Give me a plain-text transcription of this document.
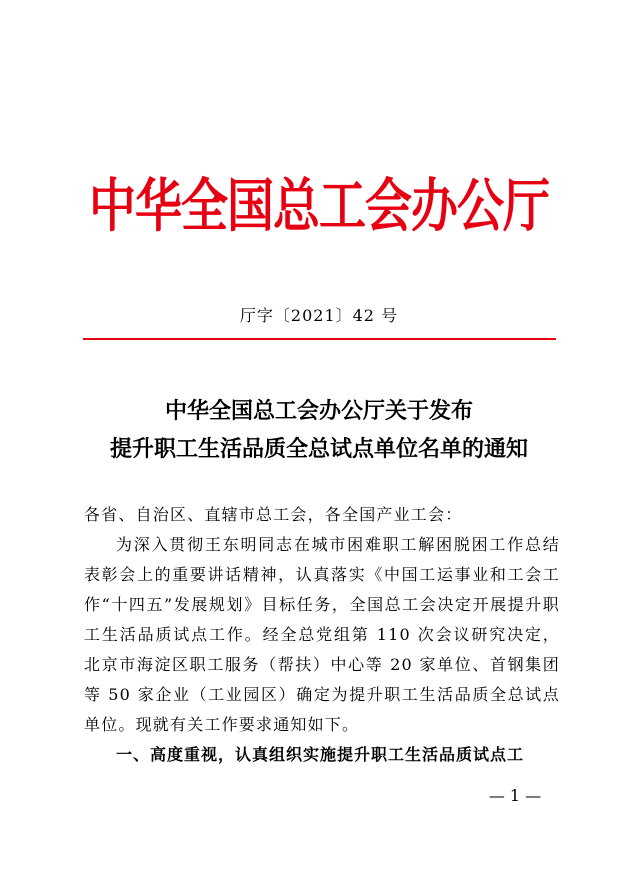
中华全国总工会办公厅
厅字〔2021〕42 号
中华全国总工会办公厅关于发布
提升职工生活品质全总试点单位名单的通知
各省、自治区、直辖市总工会，各全国产业工会：
为深入贯彻王东明同志在城市困难职工解困脱困工作总结表彰会上的重要讲话精神，认真落实《中国工运事业和工会工作“十四五”发展规划》目标任务，全国总工会决定开展提升职工生活品质试点工作。经全总党组第 110 次会议研究决定，北京市海淀区职工服务（帮扶）中心等 20 家单位、首钢集团等 50 家企业（工业园区）确定为提升职工生活品质全总试点单位。现就有关工作要求通知如下。
一、高度重视，认真组织实施提升职工生活品质试点工
— 1 —
